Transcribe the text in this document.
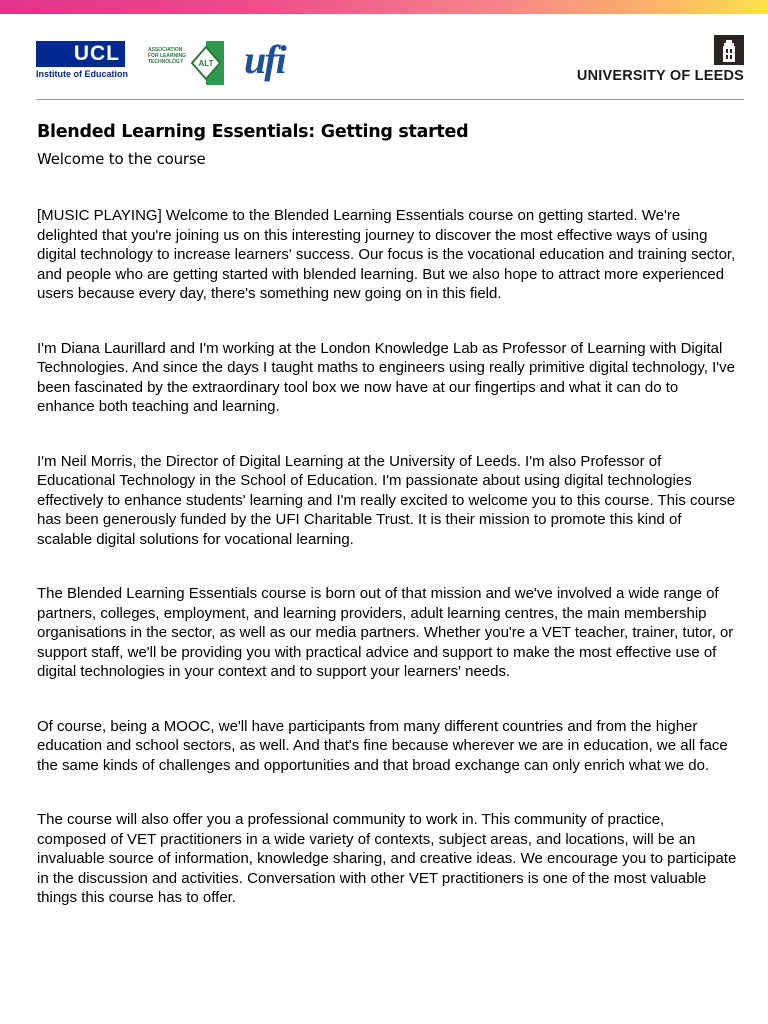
UCL
Institute of Education
ASSOCIATION
FOR LEARNING
TECHNOLOGY	ALT ufi	UNIVERSITY OF LEEDS
Blended Learning Essentials: Getting started
Welcome to the course

[MUSIC PLAYING] Welcome to the Blended Learning Essentials course on getting started. We're delighted that you're joining us on this interesting journey to discover the most effective ways of using digital technology to increase learners' success. Our focus is the vocational education and training sector, and people who are getting started with blended learning. But we also hope to attract more experienced users because every day, there's something new going on in this field.

I'm Diana Laurillard and I'm working at the London Knowledge Lab as Professor of Learning with Digital Technologies. And since the days I taught maths to engineers using really primitive digital technology, I've been fascinated by the extraordinary tool box we now have at our fingertips and what it can do to enhance both teaching and learning.

I'm Neil Morris, the Director of Digital Learning at the University of Leeds. I'm also Professor of Educational Technology in the School of Education. I'm passionate about using digital technologies effectively to enhance students' learning and I'm really excited to welcome you to this course. This course has been generously funded by the UFI Charitable Trust. It is their mission to promote this kind of scalable digital solutions for vocational learning.

The Blended Learning Essentials course is born out of that mission and we've involved a wide range of partners, colleges, employment, and learning providers, adult learning centres, the main membership organisations in the sector, as well as our media partners. Whether you're a VET teacher, trainer, tutor, or support staff, we'll be providing you with practical advice and support to make the most effective use of digital technologies in your context and to support your learners' needs.

Of course, being a MOOC, we'll have participants from many different countries and from the higher education and school sectors, as well. And that's fine because wherever we are in education, we all face the same kinds of challenges and opportunities and that broad exchange can only enrich what we do.

The course will also offer you a professional community to work in. This community of practice, composed of VET practitioners in a wide variety of contexts, subject areas, and locations, will be an invaluable source of information, knowledge sharing, and creative ideas. We encourage you to participate in the discussion and activities. Conversation with other VET practitioners is one of the most valuable things this course has to offer.
